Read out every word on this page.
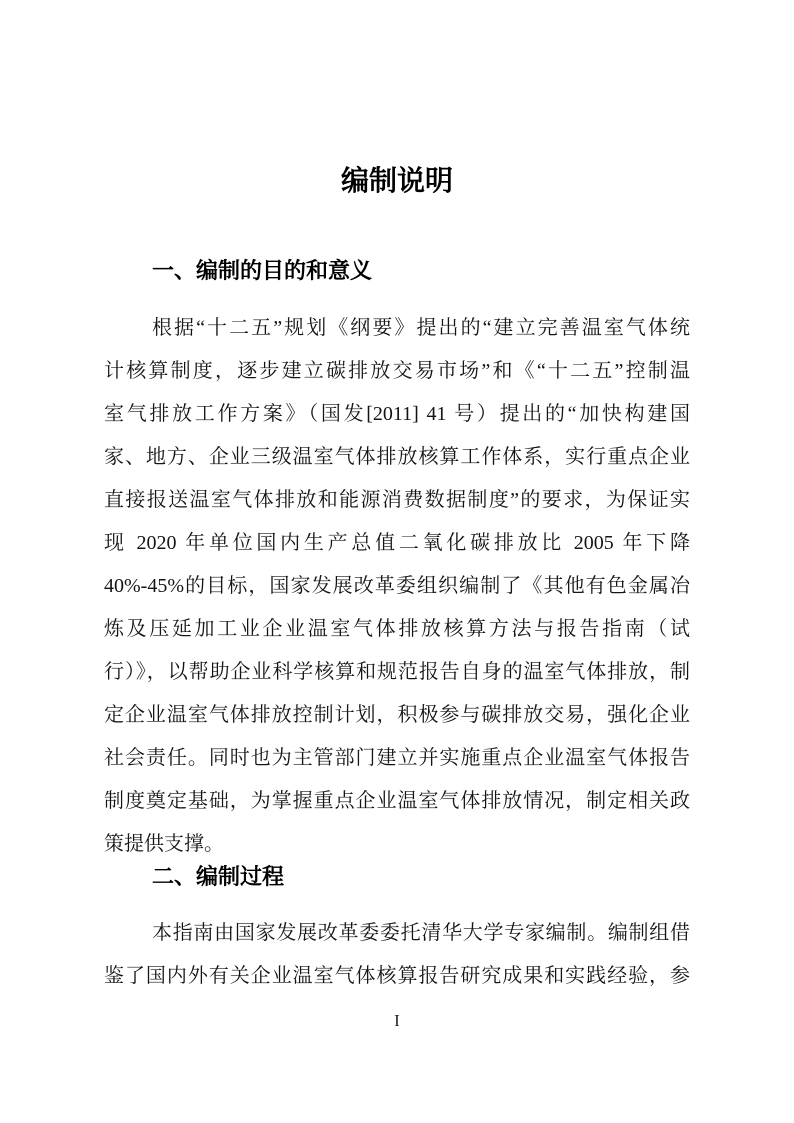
编制说明
一、编制的目的和意义
根据“十二五”规划《纲要》提出的“建立完善温室气体统
计核算制度，逐步建立碳排放交易市场”和《“十二五”控制温
室气排放工作方案》（国发[2011] 41 号）提出的“加快构建国
家、地方、企业三级温室气体排放核算工作体系，实行重点企业
直接报送温室气体排放和能源消费数据制度”的要求，为保证实
现 2020 年单位国内生产总值二氧化碳排放比 2005 年下降
40%-45%的目标，国家发展改革委组织编制了《其他有色金属冶
炼及压延加工业企业温室气体排放核算方法与报告指南（试
行）》，以帮助企业科学核算和规范报告自身的温室气体排放，制
定企业温室气体排放控制计划，积极参与碳排放交易，强化企业
社会责任。同时也为主管部门建立并实施重点企业温室气体报告
制度奠定基础，为掌握重点企业温室气体排放情况，制定相关政
策提供支撑。
二、编制过程
本指南由国家发展改革委委托清华大学专家编制。编制组借
鉴了国内外有关企业温室气体核算报告研究成果和实践经验，参
I
